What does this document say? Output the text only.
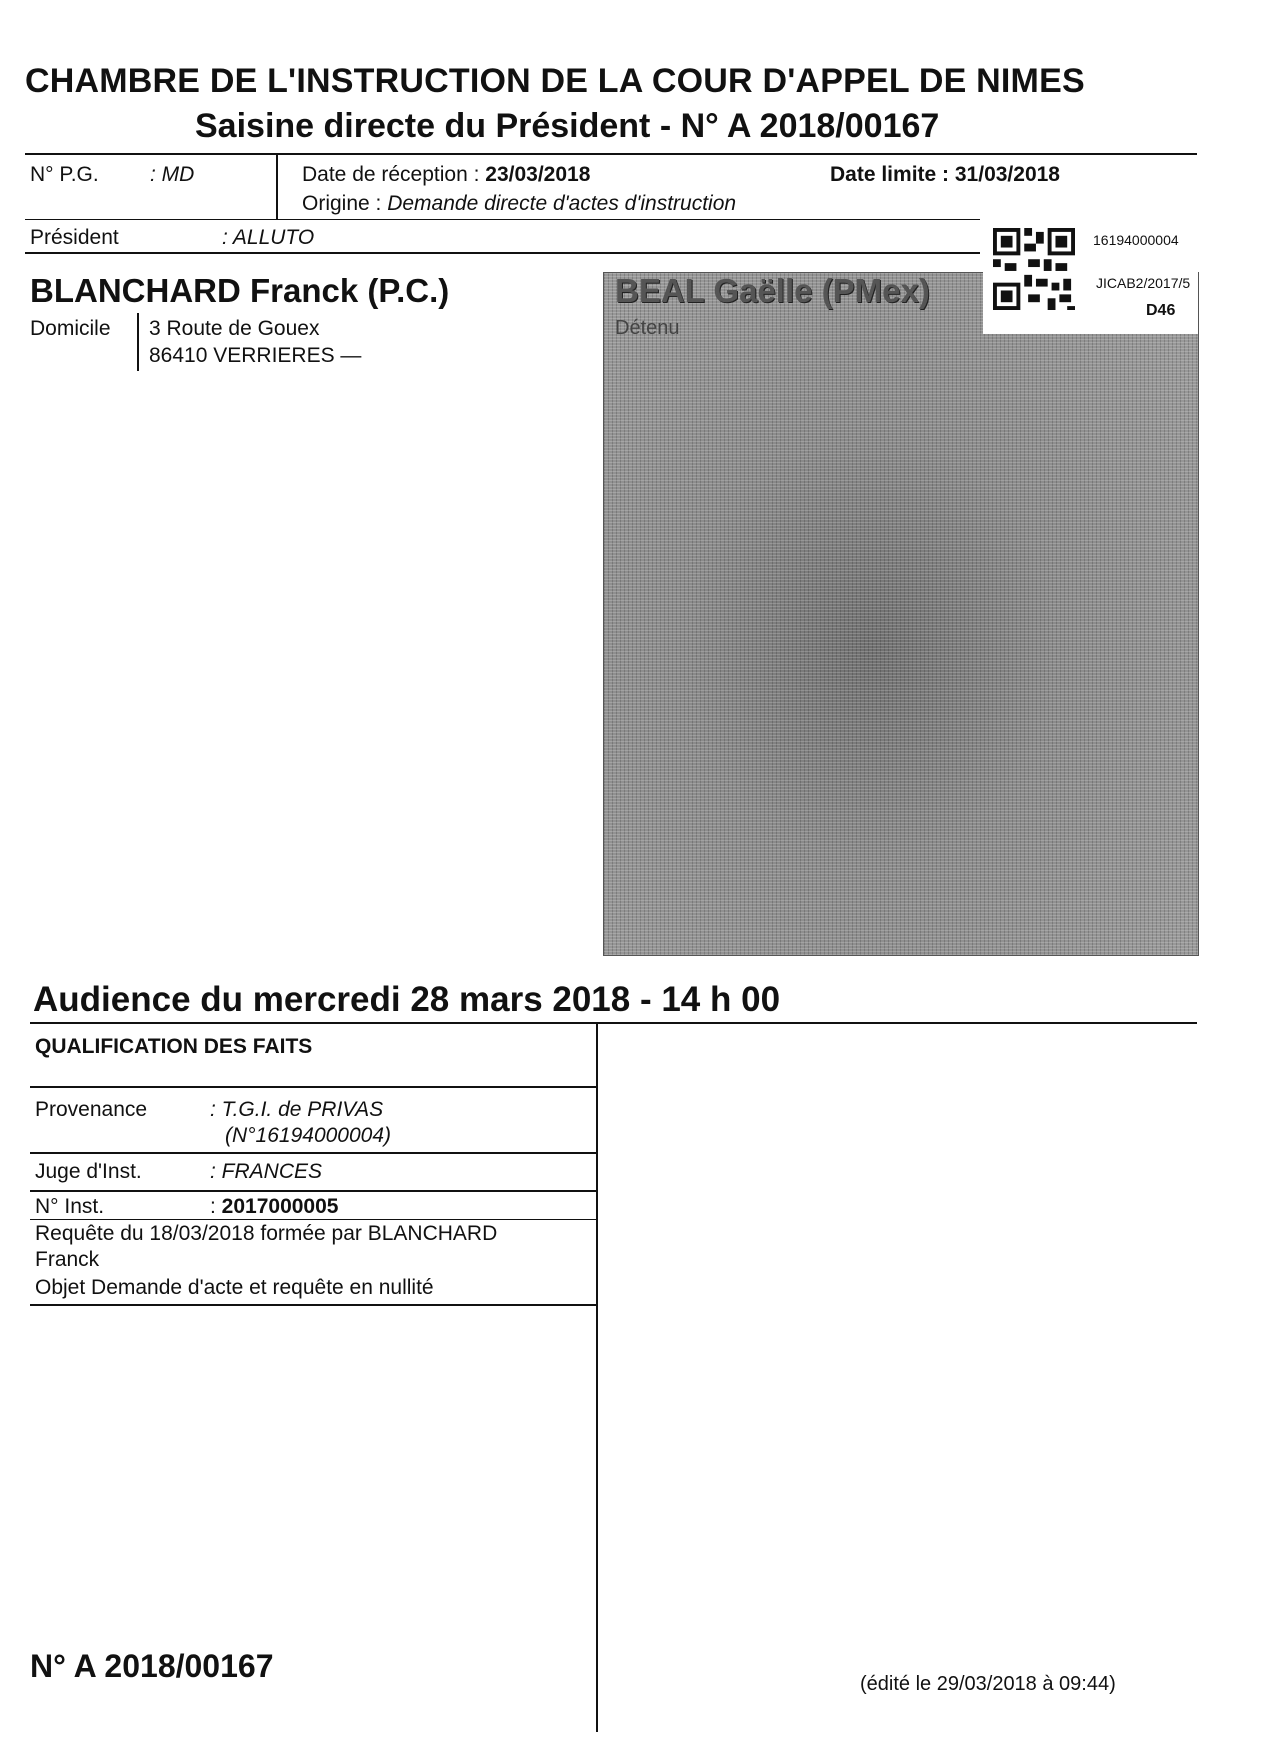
CHAMBRE DE L'INSTRUCTION DE LA COUR D'APPEL DE NIMES
Saisine directe du Président - N° A 2018/00167
N° P.G. : MD	Date de réception : 23/03/2018	Date limite : 31/03/2018
Origine : Demande directe d'actes d'instruction
Président	: ALLUTO
BLANCHARD Franck (P.C.)
Domicile 3 Route de Gouex
86410 VERRIERES —
BEAL Gaëlle (PMex)
Détenu
16194000004
JICAB2/2017/5
D46
Audience du mercredi 28 mars 2018 - 14 h 00
QUALIFICATION DES FAITS
Provenance	: T.G.I. de PRIVAS
(N°16194000004)
Juge d'Inst.	: FRANCES
N° Inst.	: 2017000005
Requête du 18/03/2018 formée par BLANCHARD
Franck
Objet Demande d'acte et requête en nullité
N° A 2018/00167	(édité le 29/03/2018 à 09:44)
